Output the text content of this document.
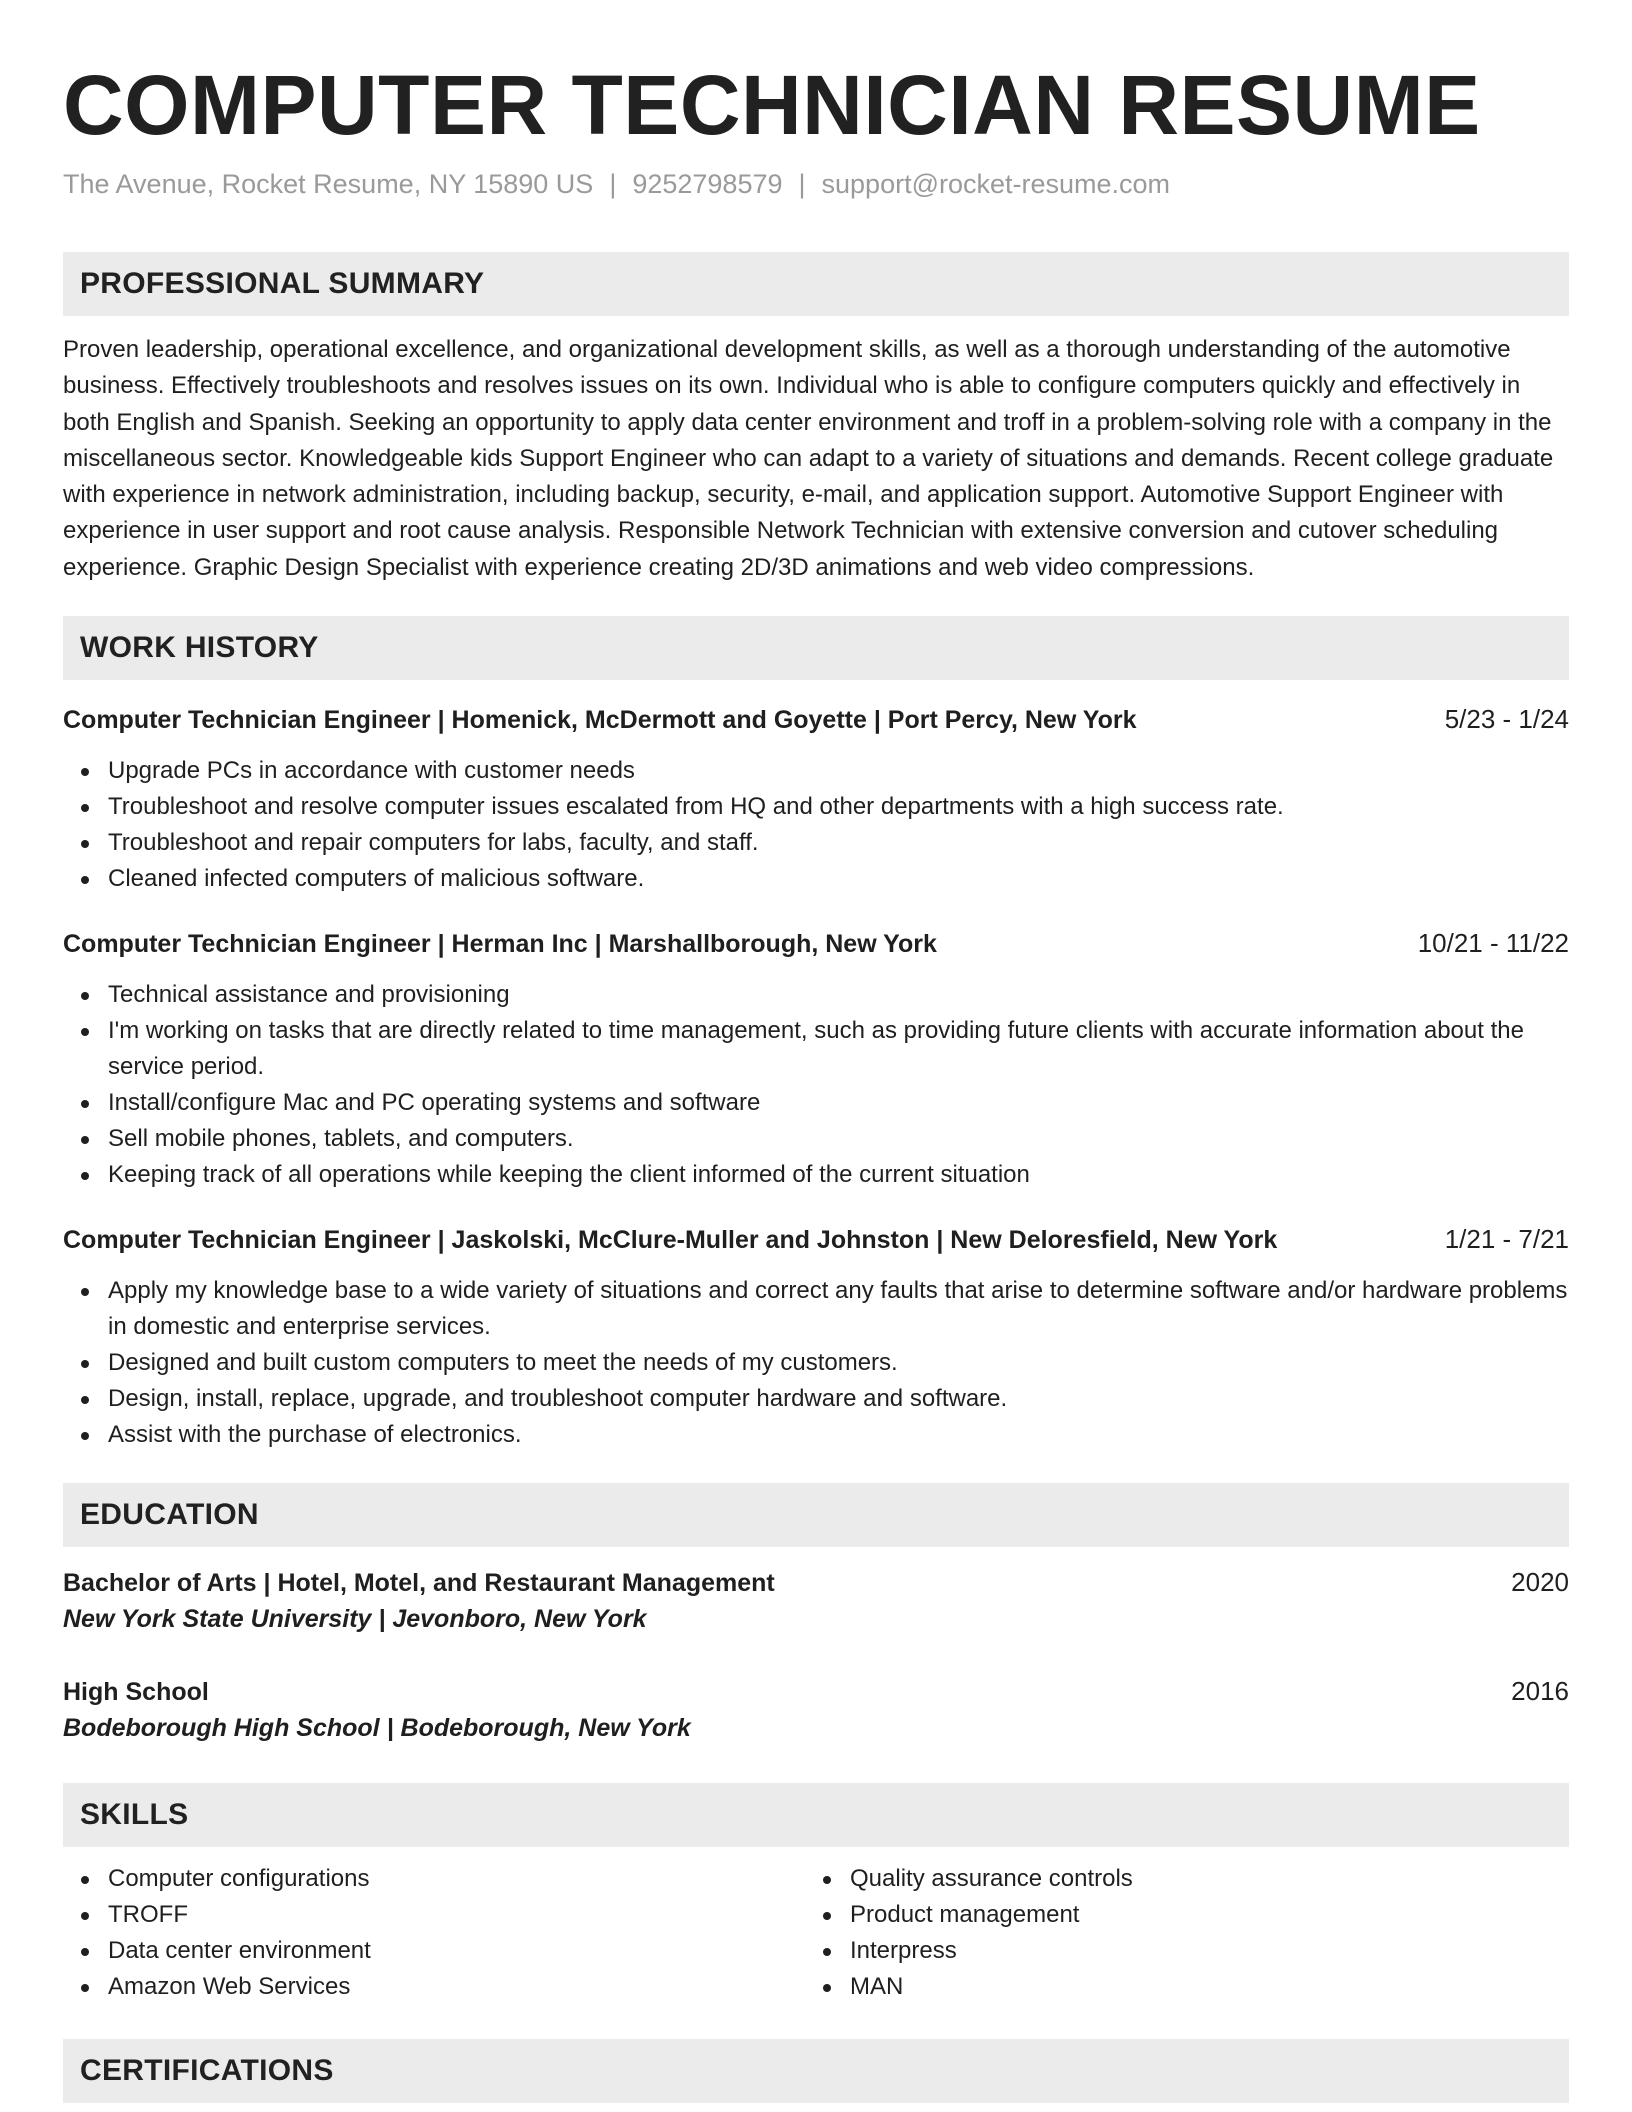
COMPUTER TECHNICIAN RESUME
The Avenue, Rocket Resume, NY 15890 US | 9252798579 | support@rocket-resume.com
PROFESSIONAL SUMMARY

Proven leadership, operational excellence, and organizational development skills, as well as a thorough understanding of the automotive business. Effectively troubleshoots and resolves issues on its own. Individual who is able to configure computers quickly and effectively in both English and Spanish. Seeking an opportunity to apply data center environment and troff in a problem-solving role with a company in the miscellaneous sector. Knowledgeable kids Support Engineer who can adapt to a variety of situations and demands. Recent college graduate with experience in network administration, including backup, security, e-mail, and application support. Automotive Support Engineer with experience in user support and root cause analysis. Responsible Network Technician with extensive conversion and cutover scheduling experience. Graphic Design Specialist with experience creating 2D/3D animations and web video compressions.

WORK HISTORY
Computer Technician Engineer | Homenick, McDermott and Goyette | Port Percy, New York	5/23 - 1/24
Upgrade PCs in accordance with customer needs
Troubleshoot and resolve computer issues escalated from HQ and other departments with a high success rate.
Troubleshoot and repair computers for labs, faculty, and staff.
Cleaned infected computers of malicious software.
Computer Technician Engineer | Herman Inc | Marshallborough, New York	10/21 - 11/22
Technical assistance and provisioning
I'm working on tasks that are directly related to time management, such as providing future clients with accurate information about the service period.
Install/configure Mac and PC operating systems and software
Sell mobile phones, tablets, and computers.
Keeping track of all operations while keeping the client informed of the current situation
Computer Technician Engineer | Jaskolski, McClure-Muller and Johnston | New Deloresfield, New York	1/21 - 7/21
Apply my knowledge base to a wide variety of situations and correct any faults that arise to determine software and/or hardware problems in domestic and enterprise services.
Designed and built custom computers to meet the needs of my customers.
Design, install, replace, upgrade, and troubleshoot computer hardware and software.
Assist with the purchase of electronics.
EDUCATION
Bachelor of Arts | Hotel, Motel, and Restaurant Management	2020
New York State University | Jevonboro, New York
High School	2016
Bodeborough High School | Bodeborough, New York
SKILLS
Computer configurations
TROFF
Data center environment
Amazon Web Services
Quality assurance controls
Product management
Interpress
MAN
CERTIFICATIONS
